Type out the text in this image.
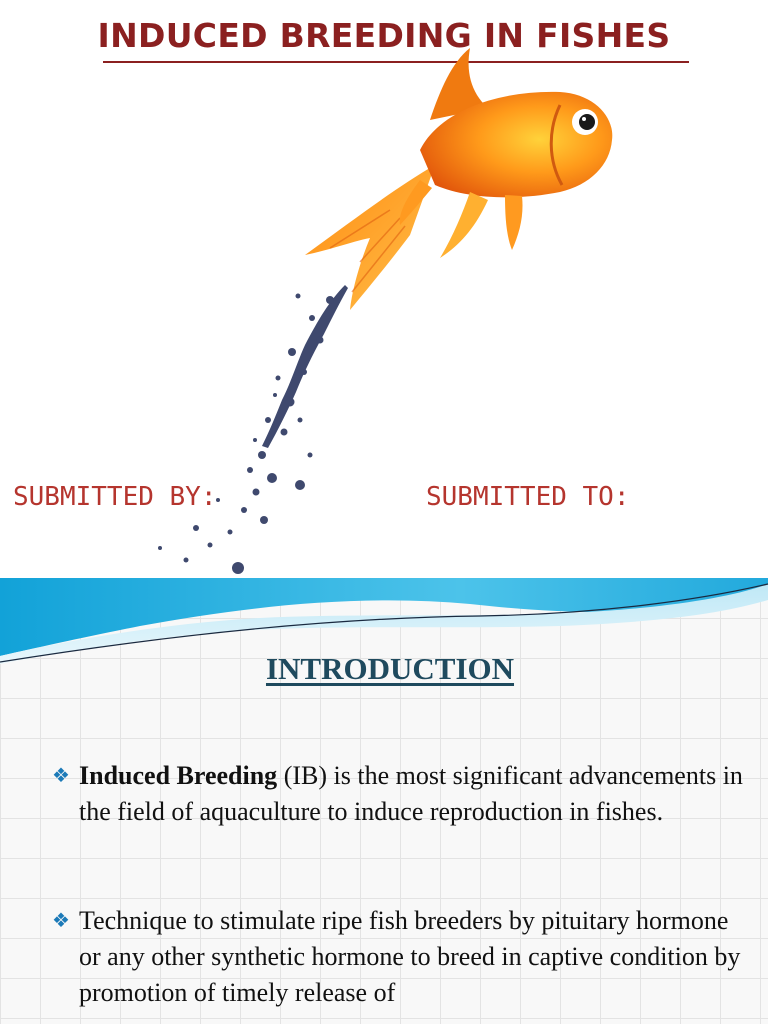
INDUCED BREEDING IN FISHES

SUBMITTED BY:

	SUBMITTED TO:

INTRODUCTION
❖ Induced Breeding (IB) is the most significant advancements in the field of aquaculture to induce reproduction in fishes.
❖ Technique to stimulate ripe fish breeders by pituitary hormone or any other synthetic hormone to breed in captive condition by promotion of timely release of
